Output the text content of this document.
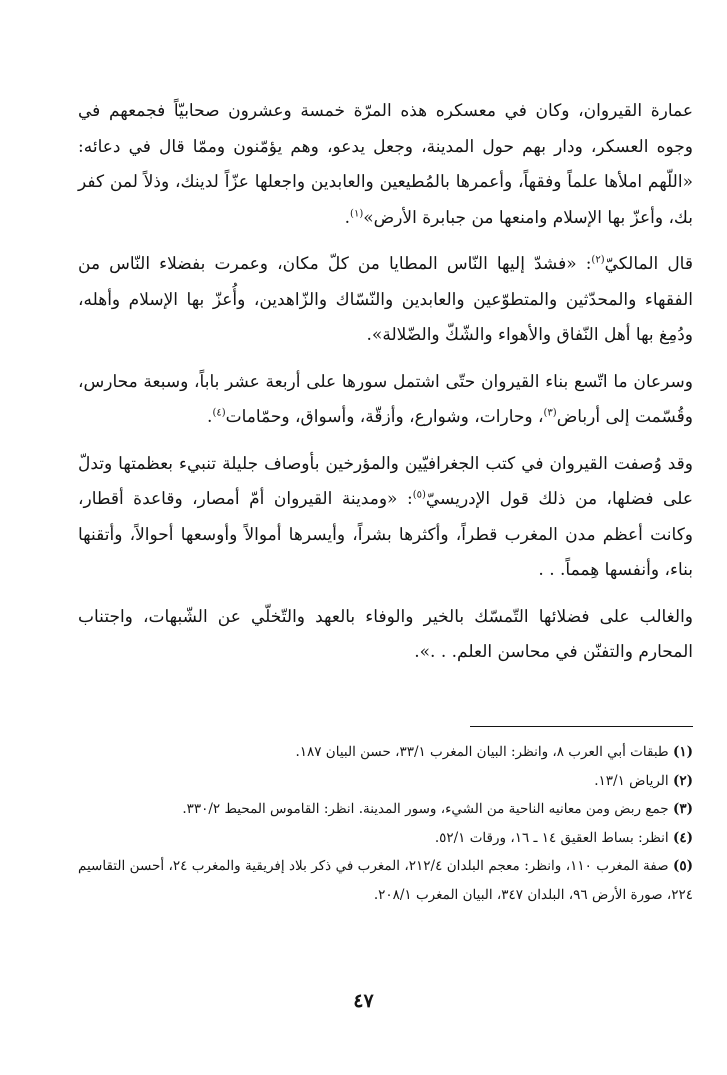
عمارة القيروان، وكان في معسكره هذه المرّة خمسة وعشرون صحابيّاً فجمعهم في وجوه العسكر، ودار بهم حول المدينة، وجعل يدعو، وهم يؤمّنون وممّا قال في دعائه: «اللّهم املأها علماً وفقهاً، وأعمرها بالمُطيعين والعابدين واجعلها عزّاً لدينك، وذلاً لمن كفر بك، وأعزّ بها الإسلام وامنعها من جبابرة الأرض»$^{(١)}$.

قال المالكيّ$^{(٢)}$: «فشدّ إليها النّاس المطايا من كلّ مكان، وعمرت بفضلاء النّاس من الفقهاء والمحدّثين والمتطوّعين والعابدين والنّسّاك والزّاهدين، وأُعزّ بها الإسلام وأهله، ودُمِغ بها أهل النّفاق والأهواء والشّكّ والضّلالة».

وسرعان ما اتّسع بناء القيروان حتّى اشتمل سورها على أربعة عشر باباً، وسبعة محارس، وقُسّمت إلى أرباض$^{(٣)}$، وحارات، وشوارع، وأزقّة، وأسواق، وحمّامات$^{(٤)}$.

وقد وُصفت القيروان في كتب الجغرافيّين والمؤرخين بأوصاف جليلة تنبيء بعظمتها وتدلّ على فضلها، من ذلك قول الإدريسيّ$^{(٥)}$: «ومدينة القيروان أمّ أمصار، وقاعدة أقطار، وكانت أعظم مدن المغرب قطراً، وأكثرها بشراً، وأيسرها أموالاً وأوسعها أحوالاً، وأتقنها بناء، وأنفسها هِمماً. . .

والغالب على فضلائها التّمسّك بالخير والوفاء بالعهد والتّخلّي عن الشّبهات، واجتناب المحارم والتفنّن في محاسن العلم. . .».

(١) طبقات أبي العرب ٨، وانظر: البيان المغرب ٣٣/١، حسن البيان ١٨٧.

(٢) الرياض ١٣/١.

(٣) جمع ربض ومن معانيه الناحية من الشيء، وسور المدينة. انظر: القاموس المحيط ٣٣٠/٢.

(٤) انظر: بساط العقيق ١٤ ـ ١٦، ورقات ٥٢/١.

(٥) صفة المغرب ١١٠، وانظر: معجم البلدان ٢١٢/٤، المغرب في ذكر بلاد إفريقية والمغرب ٢٤، أحسن التقاسيم ٢٢٤، صورة الأرض ٩٦، البلدان ٣٤٧، البيان المغرب ٢٠٨/١.

٤٧
